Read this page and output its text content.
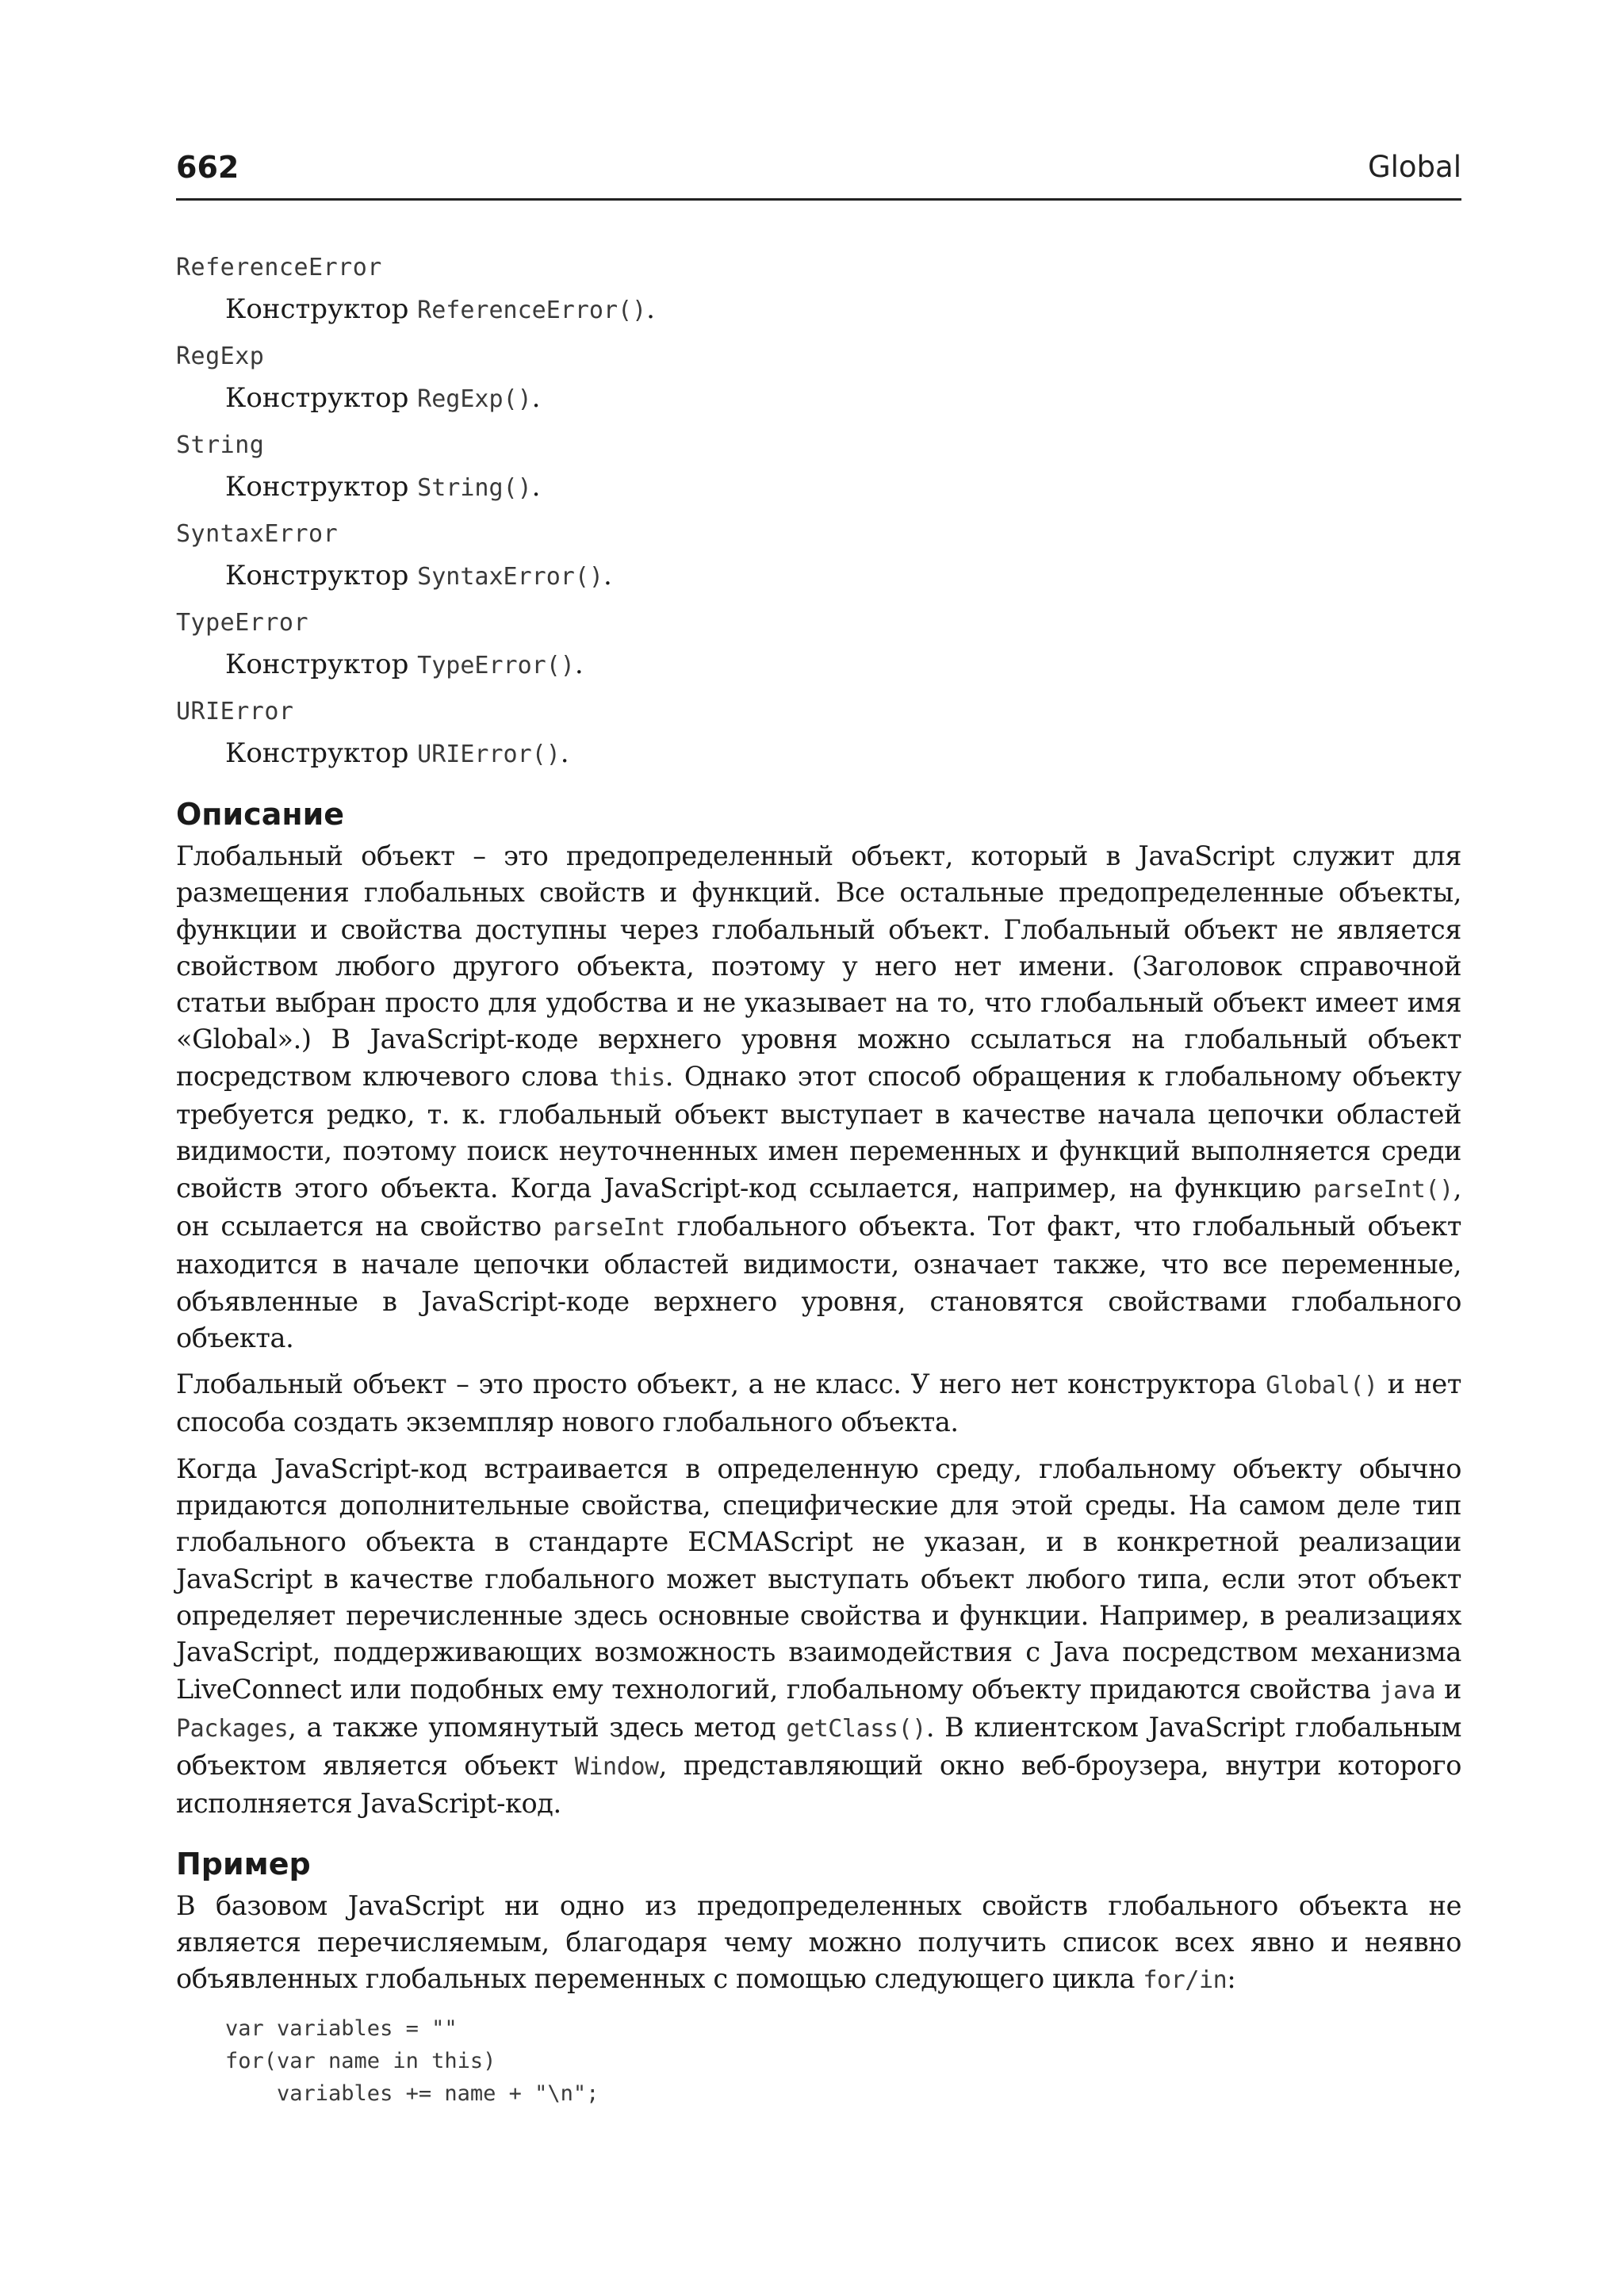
662	Global
ReferenceError
Конструктор ReferenceError().
RegExp
Конструктор RegExp().
String
Конструктор String().
SyntaxError
Конструктор SyntaxError().
TypeError
Конструктор TypeError().
URIError
Конструктор URIError().
Описание

Глобальный объект – это предопределенный объект, который в JavaScript служит для размещения глобальных свойств и функций. Все остальные предопределенные объекты, функции и свойства доступны через глобальный объект. Глобальный объект не является свойством любого другого объекта, поэтому у него нет имени. (Заголовок справочной статьи выбран просто для удобства и не указывает на то, что глобальный объект имеет имя «Global».) В JavaScript-коде верхнего уровня можно ссылаться на глобальный объект посредством ключевого слова this. Однако этот способ обращения к глобальному объекту требуется редко, т. к. глобальный объект выступает в качестве начала цепочки областей видимости, поэтому поиск неуточненных имен переменных и функций выполняется среди свойств этого объекта. Когда JavaScript-код ссылается, например, на функцию parseInt(), он ссылается на свойство parseInt глобального объекта. Тот факт, что глобальный объект находится в начале цепочки областей видимости, означает также, что все переменные, объявленные в JavaScript-коде верхнего уровня, становятся свойствами глобального объекта.

Глобальный объект – это просто объект, а не класс. У него нет конструктора Global() и нет способа создать экземпляр нового глобального объекта.

Когда JavaScript-код встраивается в определенную среду, глобальному объекту обычно придаются дополнительные свойства, специфические для этой среды. На самом деле тип глобального объекта в стандарте ECMAScript не указан, и в конкретной реализации JavaScript в качестве глобального может выступать объект любого типа, если этот объект определяет перечисленные здесь основные свойства и функции. Например, в реализациях JavaScript, поддерживающих возможность взаимодействия с Java посредством механизма LiveConnect или подобных ему технологий, глобальному объекту придаются свойства java и Packages, а также упомянутый здесь метод getClass(). В клиентском JavaScript глобальным объектом является объект Window, представляющий окно веб-броузера, внутри которого исполняется JavaScript-код.

Пример

В базовом JavaScript ни одно из предопределенных свойств глобального объекта не является перечисляемым, благодаря чему можно получить список всех явно и неявно объявленных глобальных переменных с помощью следующего цикла for/in:

var variables = ""
for(var name in this)
variables += name + "\n";
